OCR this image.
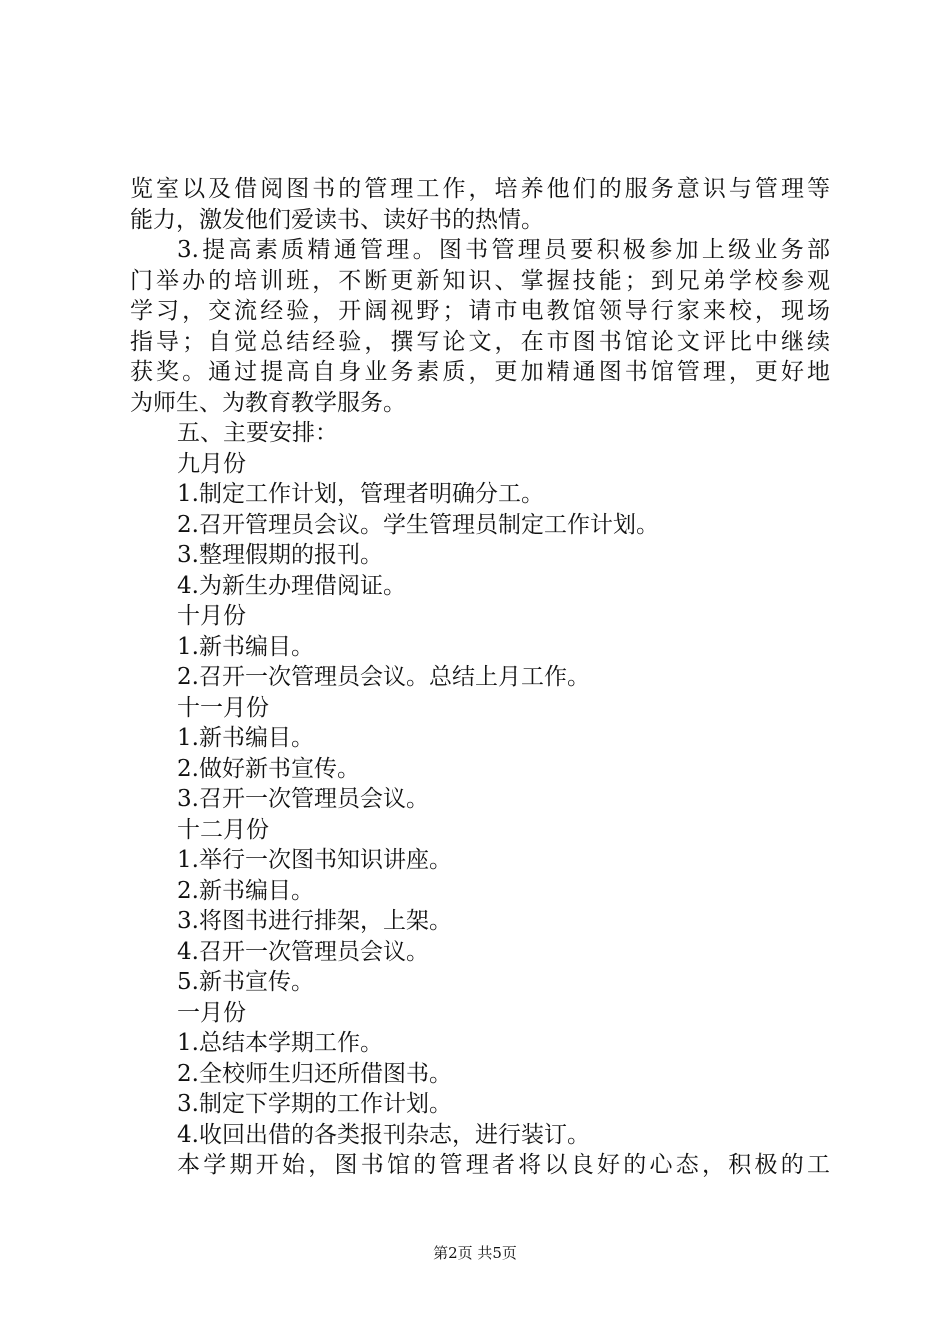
览室以及借阅图书的管理工作，培养他们的服务意识与管理等
能力，激发他们爱读书、读好书的热情。
3.提高素质精通管理。图书管理员要积极参加上级业务部
门举办的培训班，不断更新知识、掌握技能；到兄弟学校参观
学习，交流经验，开阔视野；请市电教馆领导行家来校，现场
指导；自觉总结经验，撰写论文，在市图书馆论文评比中继续
获奖。通过提高自身业务素质，更加精通图书馆管理，更好地
为师生、为教育教学服务。
五、主要安排：
九月份
1.制定工作计划，管理者明确分工。
2.召开管理员会议。学生管理员制定工作计划。
3.整理假期的报刊。
4.为新生办理借阅证。
十月份
1.新书编目。
2.召开一次管理员会议。总结上月工作。
十一月份
1.新书编目。
2.做好新书宣传。
3.召开一次管理员会议。
十二月份
1.举行一次图书知识讲座。
2.新书编目。
3.将图书进行排架，上架。
4.召开一次管理员会议。
5.新书宣传。
一月份
1.总结本学期工作。
2.全校师生归还所借图书。
3.制定下学期的工作计划。
4.收回出借的各类报刊杂志，进行装订。
本学期开始，图书馆的管理者将以良好的心态，积极的工
第2页 共5页
